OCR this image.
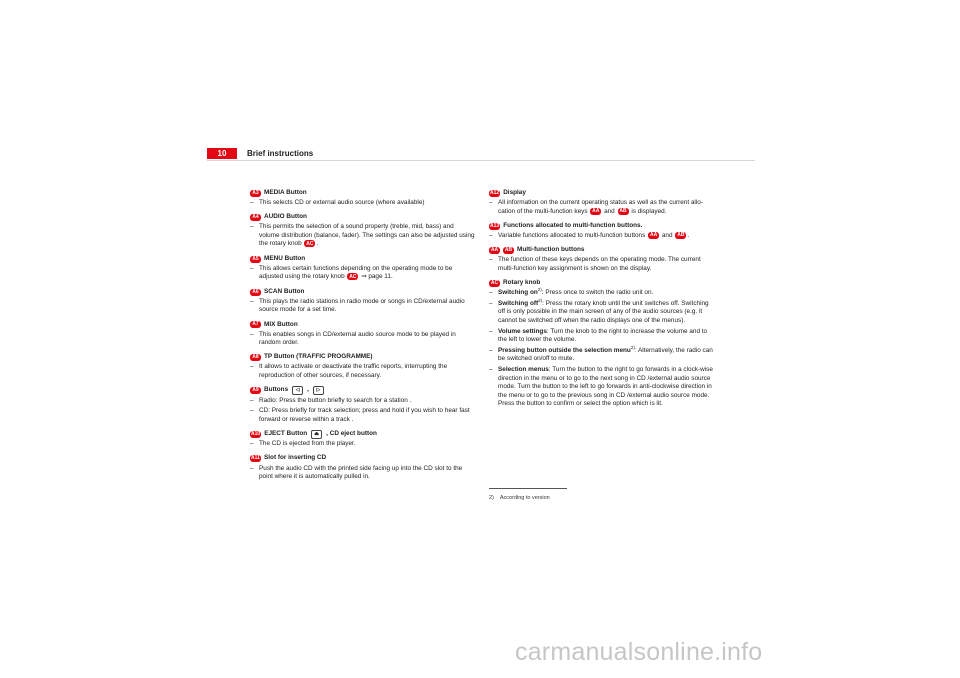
10	Brief instructions
A3 MEDIA Button
– This selects CD or external audio source (where available)
A4 AUDIO Button
– This permits the selection of a sound property (treble, mid, bass) and volume distribution (balance, fader). The settings can also be adjusted using the rotary knob AC .
A5 MENU Button
– This allows certain functions depending on the operating mode to be adjusted using the rotary knob AC ⇒ page 11.
A6 SCAN Button
– This plays the radio stations in radio mode or songs in CD/external audio source mode for a set time.
A7 MIX Button
– This enables songs in CD/external audio source mode to be played in random order.
A8 TP Button (TRAFFIC PROGRAMME)
– It allows to activate or deactivate the traffic reports, interrupting the reproduction of other sources, if necessary.
A9 Buttons	◁	,	▷
– Radio: Press the button briefly to search for a station .
– CD: Press briefly for track selection; press and hold if you wish to hear fast forward or reverse within a track .
A10 EJECT Button	⏏	, CD eject button
– The CD is ejected from the player.
A11 Slot for inserting CD
– Push the audio CD with the printed side facing up into the CD slot to the point where it is automatically pulled in.
A12 Display
– All information on the current operating status as well as the current allo-cation of the multi-function keys AA and AB is displayed.
A13 Functions allocated to multi-function buttons.
– Variable functions allocated to multi-function buttons AA and AB .
AA	AB Multi-function buttons
– The function of these keys depends on the operating mode. The current multi-function key assignment is shown on the display.
AC Rotary knob
– Switching $on^{2)}$: Press once to switch the radio unit on.
– Switching off$^{2)}$: Press the rotary knob until the unit switches off. Switching off is only possible in the main screen of any of the audio sources (e.g. it cannot be switched off when the radio displays one of the menus).
– Volume settings: Turn the knob to the right to increase the volume and to the left to lower the volume.
– Pressing button outside the selection menu$^{2)}$: Alternatively, the radio can be switched on/off to mute.
– Selection menus: Turn the button to the right to go forwards in a clock-wise direction in the menu or to go to the next song in CD /external audio source mode. Turn the button to the left to go forwards in anti-clockwise direction in the menu or to go to the previous song in CD /external audio source mode. Press the button to confirm or select the option which is lit.
2) According to version
carmanualsonline.info
